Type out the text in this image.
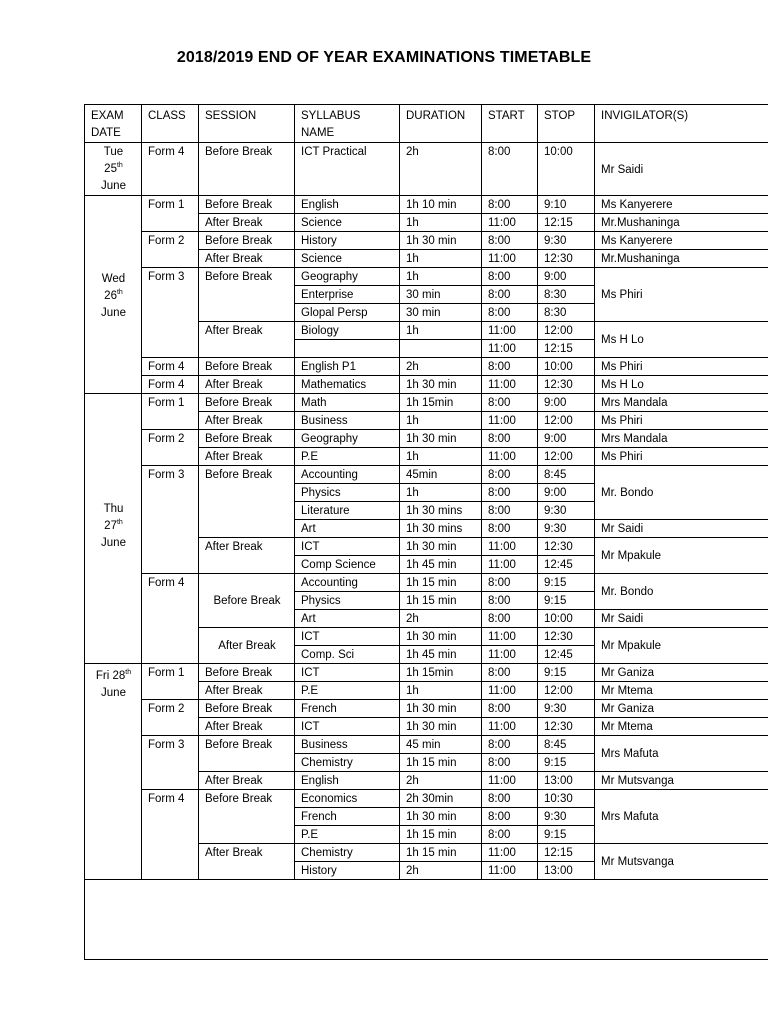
2018/2019 END OF YEAR EXAMINATIONS TIMETABLE
EXAM DATE	CLASS	SESSION	SYLLABUS NAME	DURATION	START	STOP	INVIGILATOR(S)
Tue
25th
June	Form 4	Before Break	ICT Practical	2h	8:00	10:00	Mr Saidi
Wed
26th
June	Form 1	Before Break	English	1h 10 min	8:00	9:10	Ms Kanyerere
		After Break	Science	1h	11:00	12:15	Mr.Mushaninga
	Form 2	Before Break	History	1h 30 min	8:00	9:30	Ms Kanyerere
		After Break	Science	1h	11:00	12:30	Mr.Mushaninga
	Form 3	Before Break	Geography	1h	8:00	9:00	Ms Phiri
			Enterprise	30 min	8:00	8:30	
			Glopal Persp	30 min	8:00	8:30	
		After Break	Biology	1h	11:00	12:00	Ms H Lo
					11:00	12:15	
	Form 4	Before Break	English P1	2h	8:00	10:00	Ms Phiri
	Form 4	After Break	Mathematics	1h 30 min	11:00	12:30	Ms H Lo
Thu
27th
June	Form 1	Before Break	Math	1h 15min	8:00	9:00	Mrs Mandala
		After Break	Business	1h	11:00	12:00	Ms Phiri
	Form 2	Before Break	Geography	1h 30 min	8:00	9:00	Mrs Mandala
		After Break	P.E	1h	11:00	12:00	Ms Phiri
	Form 3	Before Break	Accounting	45min	8:00	8:45	Mr. Bondo
			Physics	1h	8:00	9:00	
			Literature	1h 30 mins	8:00	9:30	
			Art	1h 30 mins	8:00	9:30	Mr Saidi
		After Break	ICT	1h 30 min	11:00	12:30	Mr Mpakule
			Comp Science	1h 45 min	11:00	12:45	
	Form 4	Before Break	Accounting	1h 15 min	8:00	9:15	Mr. Bondo
			Physics	1h 15 min	8:00	9:15	
			Art	2h	8:00	10:00	Mr Saidi
		After Break	ICT	1h 30 min	11:00	12:30	Mr Mpakule
			Comp. Sci	1h 45 min	11:00	12:45	
Fri 28th
June	Form 1	Before Break	ICT	1h 15min	8:00	9:15	Mr Ganiza
		After Break	P.E	1h	11:00	12:00	Mr Mtema
	Form 2	Before Break	French	1h 30 min	8:00	9:30	Mr Ganiza
		After Break	ICT	1h 30 min	11:00	12:30	Mr Mtema
	Form 3	Before Break	Business	45 min	8:00	8:45	Mrs Mafuta
			Chemistry	1h 15 min	8:00	9:15	
		After Break	English	2h	11:00	13:00	Mr Mutsvanga
	Form 4	Before Break	Economics	2h 30min	8:00	10:30	Mrs Mafuta
			French	1h 30 min	8:00	9:30	
			P.E	1h 15 min	8:00	9:15	
		After Break	Chemistry	1h 15 min	11:00	12:15	Mr Mutsvanga
			History	2h	11:00	13:00	
